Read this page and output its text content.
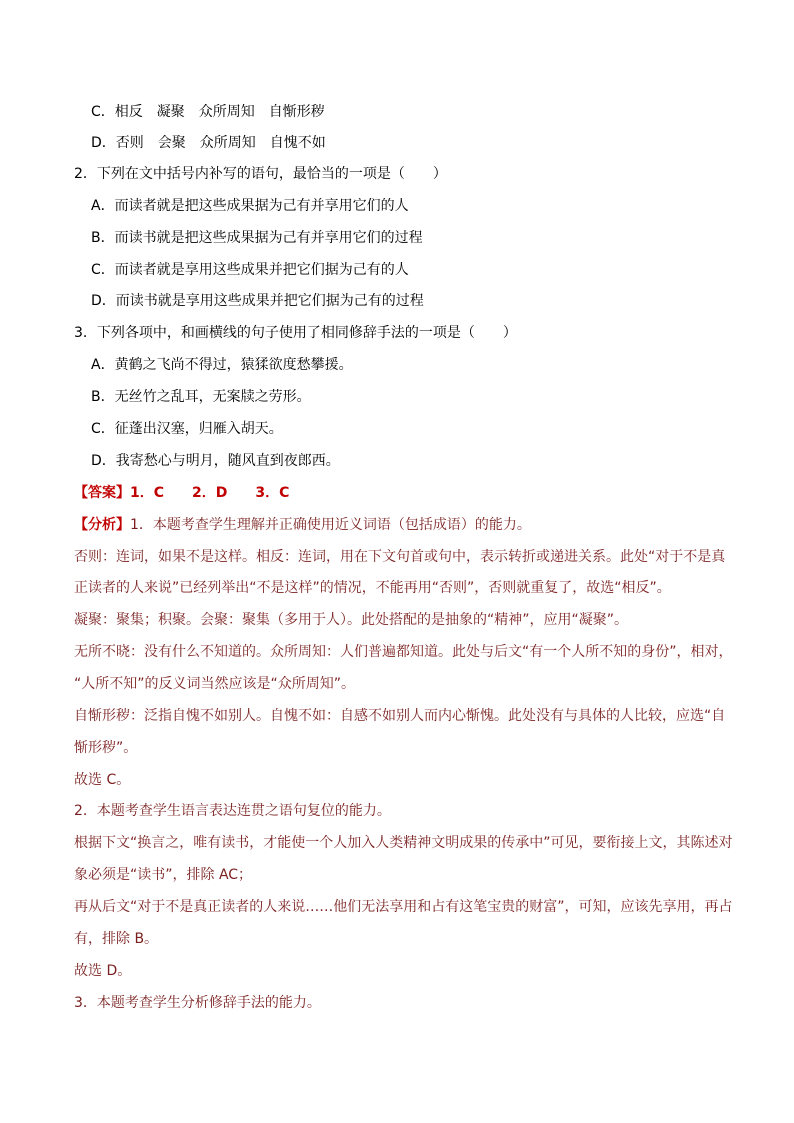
C．相反　凝聚　众所周知　自惭形秽
D．否则　会聚　众所周知　自愧不如
2．下列在文中括号内补写的语句，最恰当的一项是（　　）
A．而读者就是把这些成果据为己有并享用它们的人
B．而读书就是把这些成果据为己有并享用它们的过程
C．而读者就是享用这些成果并把它们据为己有的人
D．而读书就是享用这些成果并把它们据为己有的过程
3．下列各项中，和画横线的句子使用了相同修辞手法的一项是（　　）
A．黄鹤之飞尚不得过，猿猱欲度愁攀援。
B．无丝竹之乱耳，无案牍之劳形。
C．征蓬出汉塞，归雁入胡天。
D．我寄愁心与明月，随风直到夜郎西。
【答案】1．C　　2．D　　3．C
【分析】1．本题考查学生理解并正确使用近义词语（包括成语）的能力。
否则：连词，如果不是这样。相反：连词，用在下文句首或句中，表示转折或递进关系。此处“对于不是真
正读者的人来说”已经列举出“不是这样”的情况，不能再用“否则”，否则就重复了，故选“相反”。
凝聚：聚集；积聚。会聚：聚集（多用于人）。此处搭配的是抽象的“精神”，应用“凝聚”。
无所不晓：没有什么不知道的。众所周知：人们普遍都知道。此处与后文“有一个人所不知的身份”，相对，
“人所不知”的反义词当然应该是“众所周知”。
自惭形秽：泛指自愧不如别人。自愧不如：自感不如别人而内心惭愧。此处没有与具体的人比较，应选“自
惭形秽”。
故选 C。
2．本题考查学生语言表达连贯之语句复位的能力。
根据下文“换言之，唯有读书，才能使一个人加入人类精神文明成果的传承中”可见，要衔接上文，其陈述对
象必须是“读书”，排除 AC；
再从后文“对于不是真正读者的人来说……他们无法享用和占有这笔宝贵的财富”，可知，应该先享用，再占
有，排除 B。
故选 D。
3．本题考查学生分析修辞手法的能力。
